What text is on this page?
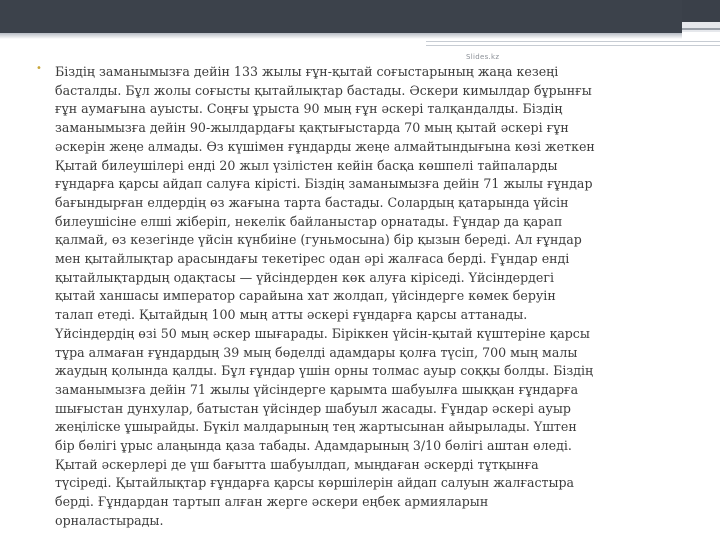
Slides.kz
• Біздің заманымызға дейін 133 жылы ғұн-қытай соғыстарының жаңа кезеңі
басталды. Бұл жолы соғысты қытайлықтар бастады. Әскери кимылдар бұрынғы
ғұн аумағына ауысты. Соңғы ұрыста 90 мың ғұн әскері талқандалды. Біздің
заманымызға дейін 90-жылдардағы қақтығыстарда 70 мың қытай әскері ғұн
әскерін жеңе алмады. Өз күшімен ғұндарды жеңе алмайтындығына көзі жеткен
Қытай билеушілері енді 20 жыл үзілістен кейін басқа көшпелі тайпаларды
ғұндарға қарсы айдап салуға кірісті. Біздің заманымызға дейін 71 жылы ғұндар
бағындырған елдердің өз жағына тарта бастады. Солардың қатарында үйсін
билеушісіне елші жіберіп, некелік байланыстар орнатады. Ғұндар да қарап
қалмай, өз кезегінде үйсін күнбиіне (гуньмосына) бір қызын береді. Ал ғұндар
мен қытайлықтар арасындағы текетірес одан әрі жалғаса берді. Ғұндар енді
қытайлықтардың одақтасы — үйсіндерден көк алуға кіріседі. Үйсіндердегі
қытай ханшасы император сарайына хат жолдап, үйсіндерге көмек беруін
талап етеді. Қытайдың 100 мың атты әскері ғұндарға қарсы аттанады.
Үйсіндердің өзі 50 мың әскер шығарады. Біріккен үйсін-қытай күштеріне қарсы
тұра алмаған ғұндардың 39 мың бөделді адамдары қолға түсіп, 700 мың малы
жаудың қолында қалды. Бұл ғұндар үшін орны толмас ауыр соққы болды. Біздің
заманымызға дейін 71 жылы үйсіндерге қарымта шабуылға шыққан ғұндарға
шығыстан дунхулар, батыстан үйсіндер шабуыл жасады. Ғұндар әскері ауыр
жеңіліске ұшырайды. Бүкіл малдарының тең жартысынан айырылады. Үштен
бір бөлігі ұрыс алаңында қаза табады. Адамдарының 3/10 бөлігі аштан өледі.
Қытай әскерлері де үш бағытта шабуылдап, мыңдаған әскерді тұтқынға
түсіреді. Қытайлықтар ғұндарға қарсы көршілерін айдап салуын жалғастыра
берді. Ғұндардан тартып алған жерге әскери еңбек армияларын
орналастырады.
